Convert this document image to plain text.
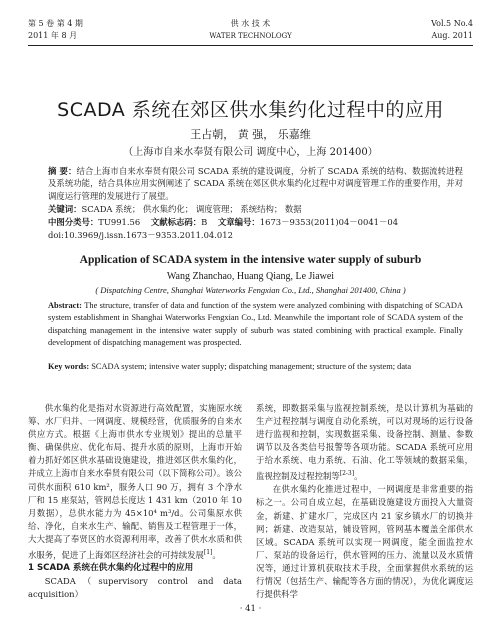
第 5 卷 第 4 期
2011 年 8 月
供 水 技 术
WATER TECHNOLOGY
Vol.5 No.4
Aug. 2011
SCADA 系统在郊区供水集约化过程中的应用
王占朝， 黄 强， 乐嘉维
（上海市自来水奉贤有限公司 调度中心，上海 201400）
摘 要：结合上海市自来水奉贤有限公司 SCADA 系统的建设调度，分析了 SCADA 系统的结构、数据流转进程及系统功能，结合具体应用实例阐述了 SCADA 系统在郊区供水集约化过程中对调度管理工作的重要作用，并对调度运行管理的发展进行了展望。
关键词：SCADA 系统； 供水集约化； 调度管理； 系统结构； 数据
中图分类号：TU991.56 文献标志码：B 文章编号：1673－9353(2011)04－0041－04
doi:10.3969/j.issn.1673－9353.2011.04.012
Application of SCADA system in the intensive water supply of suburb
Wang Zhanchao, Huang Qiang, Le Jiawei
( Dispatching Centre, Shanghai Waterworks Fengxian Co., Ltd., Shanghai 201400, China )
Abstract: The structure, transfer of data and function of the system were analyzed combining with dispatching of SCADA system establishment in Shanghai Waterworks Fengxian Co., Ltd. Meanwhile the important role of SCADA system of the dispatching management in the intensive water supply of suburb was stated combining with practical example. Finally development of dispatching management was prospected.
Key words: SCADA system; intensive water supply; dispatching management; structure of the system; data

供水集约化是指对水资源进行高效配置，实施原水统筹、水厂归并、一网调度、规模经营，优质服务的自来水供应方式。根据《上海市供水专业规划》提出的总量平衡、确保供应、优化布局、提升水质的原则，上海市开始着力抓好郊区供水基础设施建设，推进郊区供水集约化，并成立上海市自来水奉贤有限公司（以下简称公司）。该公司供水面积 610 km²，服务人口 90 万，拥有 3 个净水厂和 15 座泵站，管网总长度达 1 431 km（2010 年 10 月数据），总供水能力为 45×10⁴ m³/d。公司集原水供给、净化，自来水生产、输配、销售及工程管理于一体，大大提高了奉贤区的水资源利用率，改善了供水水质和供水服务，促进了上海郊区经济社会的可持续发展[1]。

1 SCADA 系统在供水集约化过程中的应用

SCADA（supervisory control and data acquisition）

系统，即数据采集与监视控制系统，是以计算机为基础的生产过程控制与调度自动化系统，可以对现场的运行设备进行监视和控制，实现数据采集、设备控制、测量、参数调节以及各类信号报警等各项功能。SCADA 系统可应用于给水系统、电力系统、石油、化工等领域的数据采集，监视控制及过程控制等[2-3]。

在供水集约化推进过程中，一网调度是非常重要的指标之一。公司自成立起，在基础设施建设方面投入大量资金，新建、扩建水厂，完成区内 21 家乡镇水厂的切换并网；新建、改造泵站，铺设管网，管网基本覆盖全部供水区域。SCADA 系统可以实现一网调度，能全面监控水厂、泵站的设备运行，供水管网的压力、流量以及水质情况等，通过计算机获取技术手段，全面掌握供水系统的运行情况（包括生产、输配等各方面的情况），为优化调度运行提供科学

· 41 ·
